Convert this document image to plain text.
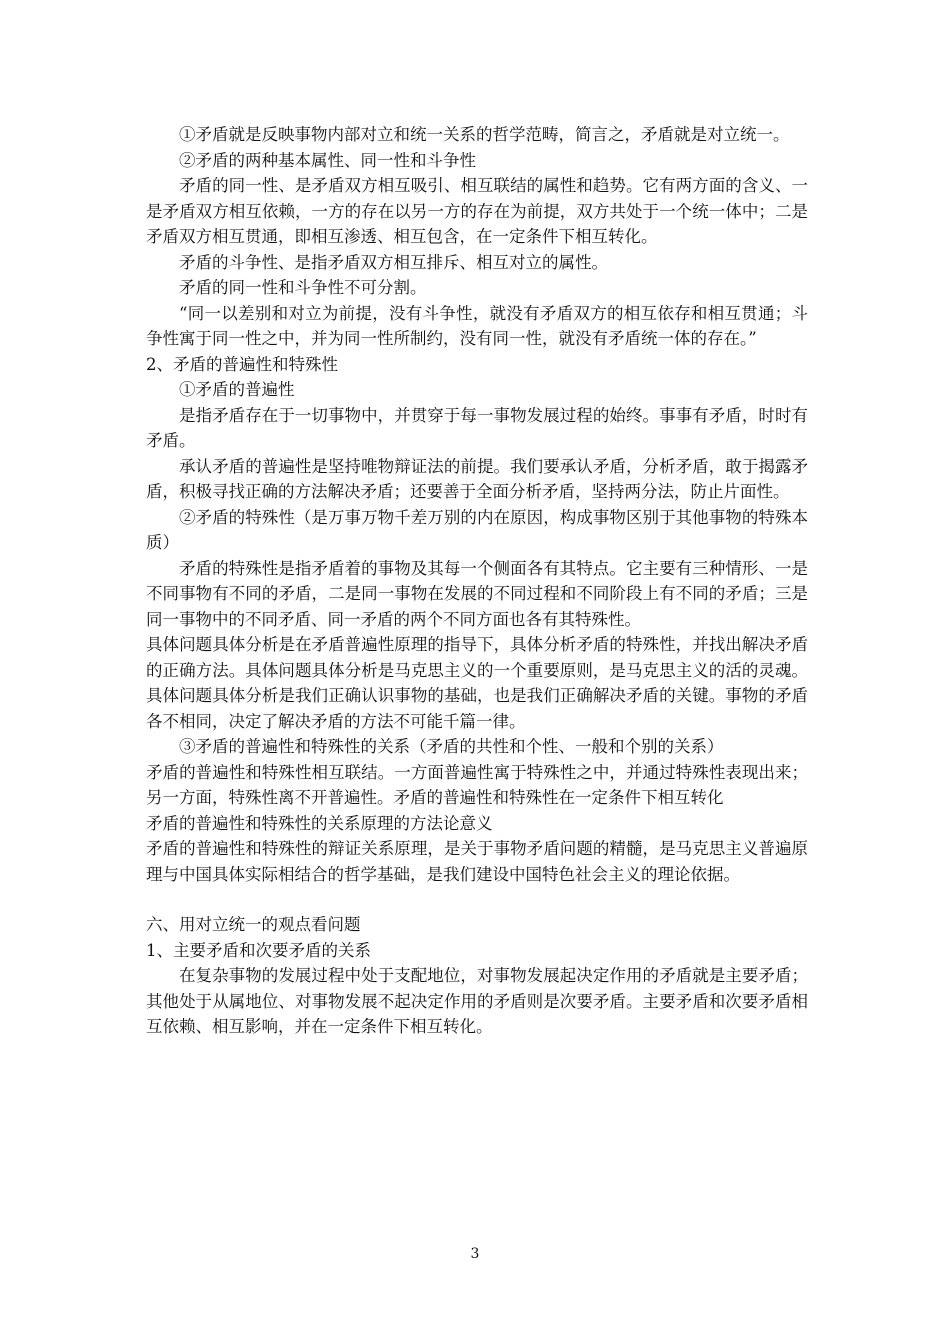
①矛盾就是反映事物内部对立和统一关系的哲学范畴，简言之，矛盾就是对立统一。

②矛盾的两种基本属性、同一性和斗争性

矛盾的同一性、是矛盾双方相互吸引、相互联结的属性和趋势。它有两方面的含义、一是矛盾双方相互依赖，一方的存在以另一方的存在为前提，双方共处于一个统一体中；二是矛盾双方相互贯通，即相互渗透、相互包含，在一定条件下相互转化。

矛盾的斗争性、是指矛盾双方相互排斥、相互对立的属性。

矛盾的同一性和斗争性不可分割。

“同一以差别和对立为前提，没有斗争性，就没有矛盾双方的相互依存和相互贯通；斗争性寓于同一性之中，并为同一性所制约，没有同一性，就没有矛盾统一体的存在。”

2、矛盾的普遍性和特殊性

①矛盾的普遍性

是指矛盾存在于一切事物中，并贯穿于每一事物发展过程的始终。事事有矛盾，时时有矛盾。

承认矛盾的普遍性是坚持唯物辩证法的前提。我们要承认矛盾，分析矛盾，敢于揭露矛盾，积极寻找正确的方法解决矛盾；还要善于全面分析矛盾，坚持两分法，防止片面性。

②矛盾的特殊性（是万事万物千差万别的内在原因，构成事物区别于其他事物的特殊本质）

矛盾的特殊性是指矛盾着的事物及其每一个侧面各有其特点。它主要有三种情形、一是不同事物有不同的矛盾，二是同一事物在发展的不同过程和不同阶段上有不同的矛盾；三是同一事物中的不同矛盾、同一矛盾的两个不同方面也各有其特殊性。

具体问题具体分析是在矛盾普遍性原理的指导下，具体分析矛盾的特殊性，并找出解决矛盾的正确方法。具体问题具体分析是马克思主义的一个重要原则，是马克思主义的活的灵魂。具体问题具体分析是我们正确认识事物的基础，也是我们正确解决矛盾的关键。事物的矛盾各不相同，决定了解决矛盾的方法不可能千篇一律。

③矛盾的普遍性和特殊性的关系（矛盾的共性和个性、一般和个别的关系）

矛盾的普遍性和特殊性相互联结。一方面普遍性寓于特殊性之中，并通过特殊性表现出来；另一方面，特殊性离不开普遍性。矛盾的普遍性和特殊性在一定条件下相互转化

矛盾的普遍性和特殊性的关系原理的方法论意义

矛盾的普遍性和特殊性的辩证关系原理，是关于事物矛盾问题的精髓，是马克思主义普遍原理与中国具体实际相结合的哲学基础，是我们建设中国特色社会主义的理论依据。

六、用对立统一的观点看问题

1、主要矛盾和次要矛盾的关系

在复杂事物的发展过程中处于支配地位，对事物发展起决定作用的矛盾就是主要矛盾；其他处于从属地位、对事物发展不起决定作用的矛盾则是次要矛盾。主要矛盾和次要矛盾相互依赖、相互影响，并在一定条件下相互转化。

3
